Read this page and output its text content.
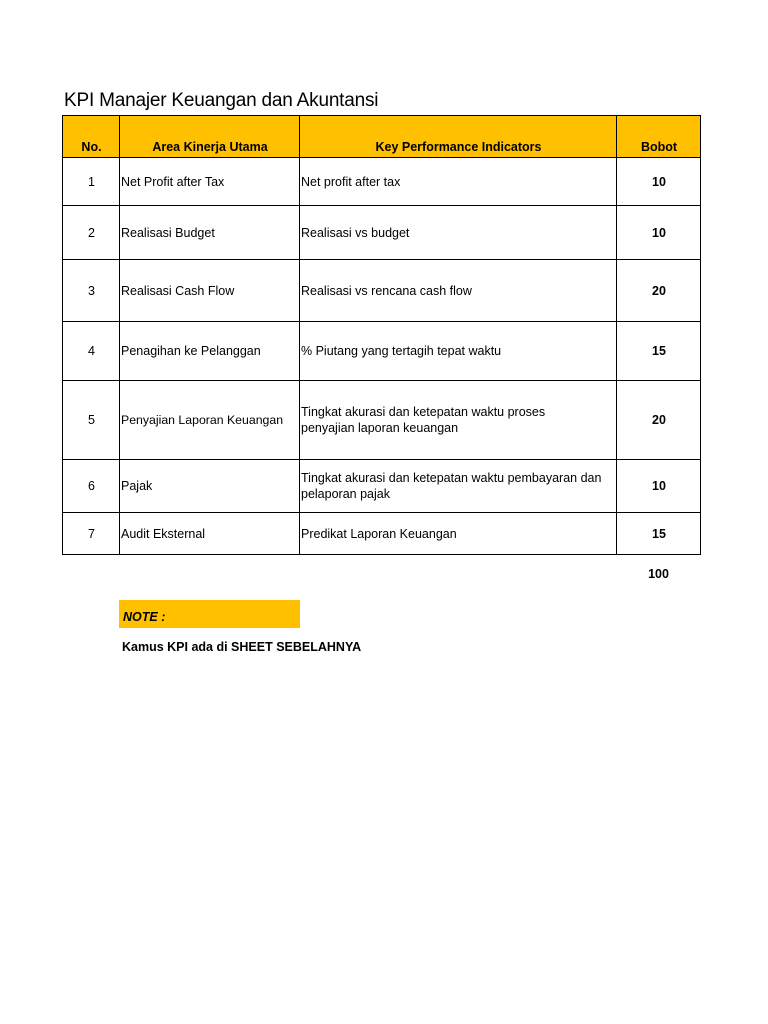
KPI Manajer Keuangan dan Akuntansi
No.	Area Kinerja Utama	Key Performance Indicators	Bobot
1	Net Profit after Tax	Net profit after tax	10
2	Realisasi Budget	Realisasi vs budget	10
3	Realisasi Cash Flow	Realisasi vs rencana cash flow	20
4	Penagihan ke Pelanggan	% Piutang yang tertagih tepat waktu	15
5	Penyajian Laporan Keuangan	Tingkat akurasi dan ketepatan waktu proses penyajian laporan keuangan	20
6	Pajak	Tingkat akurasi dan ketepatan waktu pembayaran dan pelaporan pajak	10
7	Audit Eksternal	Predikat Laporan Keuangan	15
100
NOTE :
Kamus KPI ada di SHEET SEBELAHNYA
